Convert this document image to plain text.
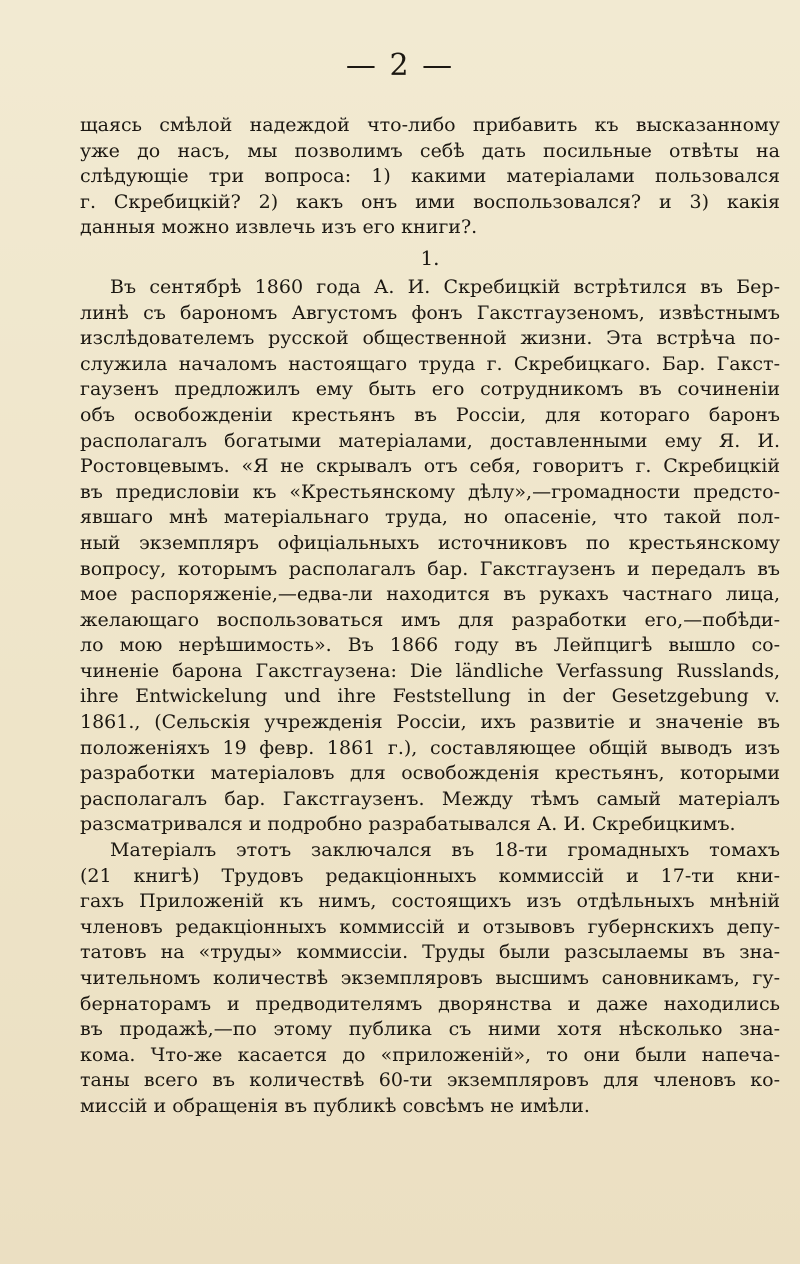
— 2 —
щаясь смѣлой надеждой что-либо прибавить къ высказанному
уже до насъ, мы позволимъ себѣ дать посильные отвѣты на
слѣдующіе три вопроса: 1) какими матеріалами пользовался
г. Скребицкій? 2) какъ онъ ими воспользовался? и 3) какія
данныя можно извлечь изъ его книги?.
1.
Въ сентябрѣ 1860 года А. И. Скребицкій встрѣтился въ Бер-
линѣ съ барономъ Августомъ фонъ Гакстгаузеномъ, извѣстнымъ
изслѣдователемъ русской общественной жизни. Эта встрѣча по-
служила началомъ настоящаго труда г. Скребицкаго. Бар. Гакст-
гаузенъ предложилъ ему быть его сотрудникомъ въ сочиненіи
объ освобожденіи крестьянъ въ Россіи, для котораго баронъ
располагалъ богатыми матеріалами, доставленными ему Я. И.
Ростовцевымъ. «Я не скрывалъ отъ себя, говоритъ г. Скребицкій
въ предисловіи къ «Крестьянскому дѣлу»,—громадности предсто-
явшаго мнѣ матеріальнаго труда, но опасеніе, что такой пол-
ный экземпляръ офиціальныхъ источниковъ по крестьянскому
вопросу, которымъ располагалъ бар. Гакстгаузенъ и передалъ въ
мое распоряженіе,—едва-ли находится въ рукахъ частнаго лица,
желающаго воспользоваться имъ для разработки его,—побѣди-
ло мою нерѣшимость». Въ 1866 году въ Лейпцигѣ вышло со-
чиненіе барона Гакстгаузена: Die ländliche Verfassung Russlands,
ihre Entwickelung und ihre Feststellung in der Gesetzgebung v.
1861., (Сельскія учрежденія Россіи, ихъ развитіе и значеніе въ
положеніяхъ 19 февр. 1861 г.), составляющее общій выводъ изъ
разработки матеріаловъ для освобожденія крестьянъ, которыми
располагалъ бар. Гакстгаузенъ. Между тѣмъ самый матеріалъ
разсматривался и подробно разрабатывался А. И. Скребицкимъ.
Матеріалъ этотъ заключался въ 18-ти громадныхъ томахъ
(21 книгѣ) Трудовъ редакціонныхъ коммиссій и 17-ти кни-
гахъ Приложеній къ нимъ, состоящихъ изъ отдѣльныхъ мнѣній
членовъ редакціонныхъ коммиссій и отзывовъ губернскихъ депу-
татовъ на «труды» коммиссіи. Труды были разсылаемы въ зна-
чительномъ количествѣ экземпляровъ высшимъ сановникамъ, гу-
бернаторамъ и предводителямъ дворянства и даже находились
въ продажѣ,—по этому публика съ ними хотя нѣсколько зна-
кома. Что-же касается до «приложеній», то они были напеча-
таны всего въ количествѣ 60-ти экземпляровъ для членовъ ко-
миссій и обращенія въ публикѣ совсѣмъ не имѣли.
